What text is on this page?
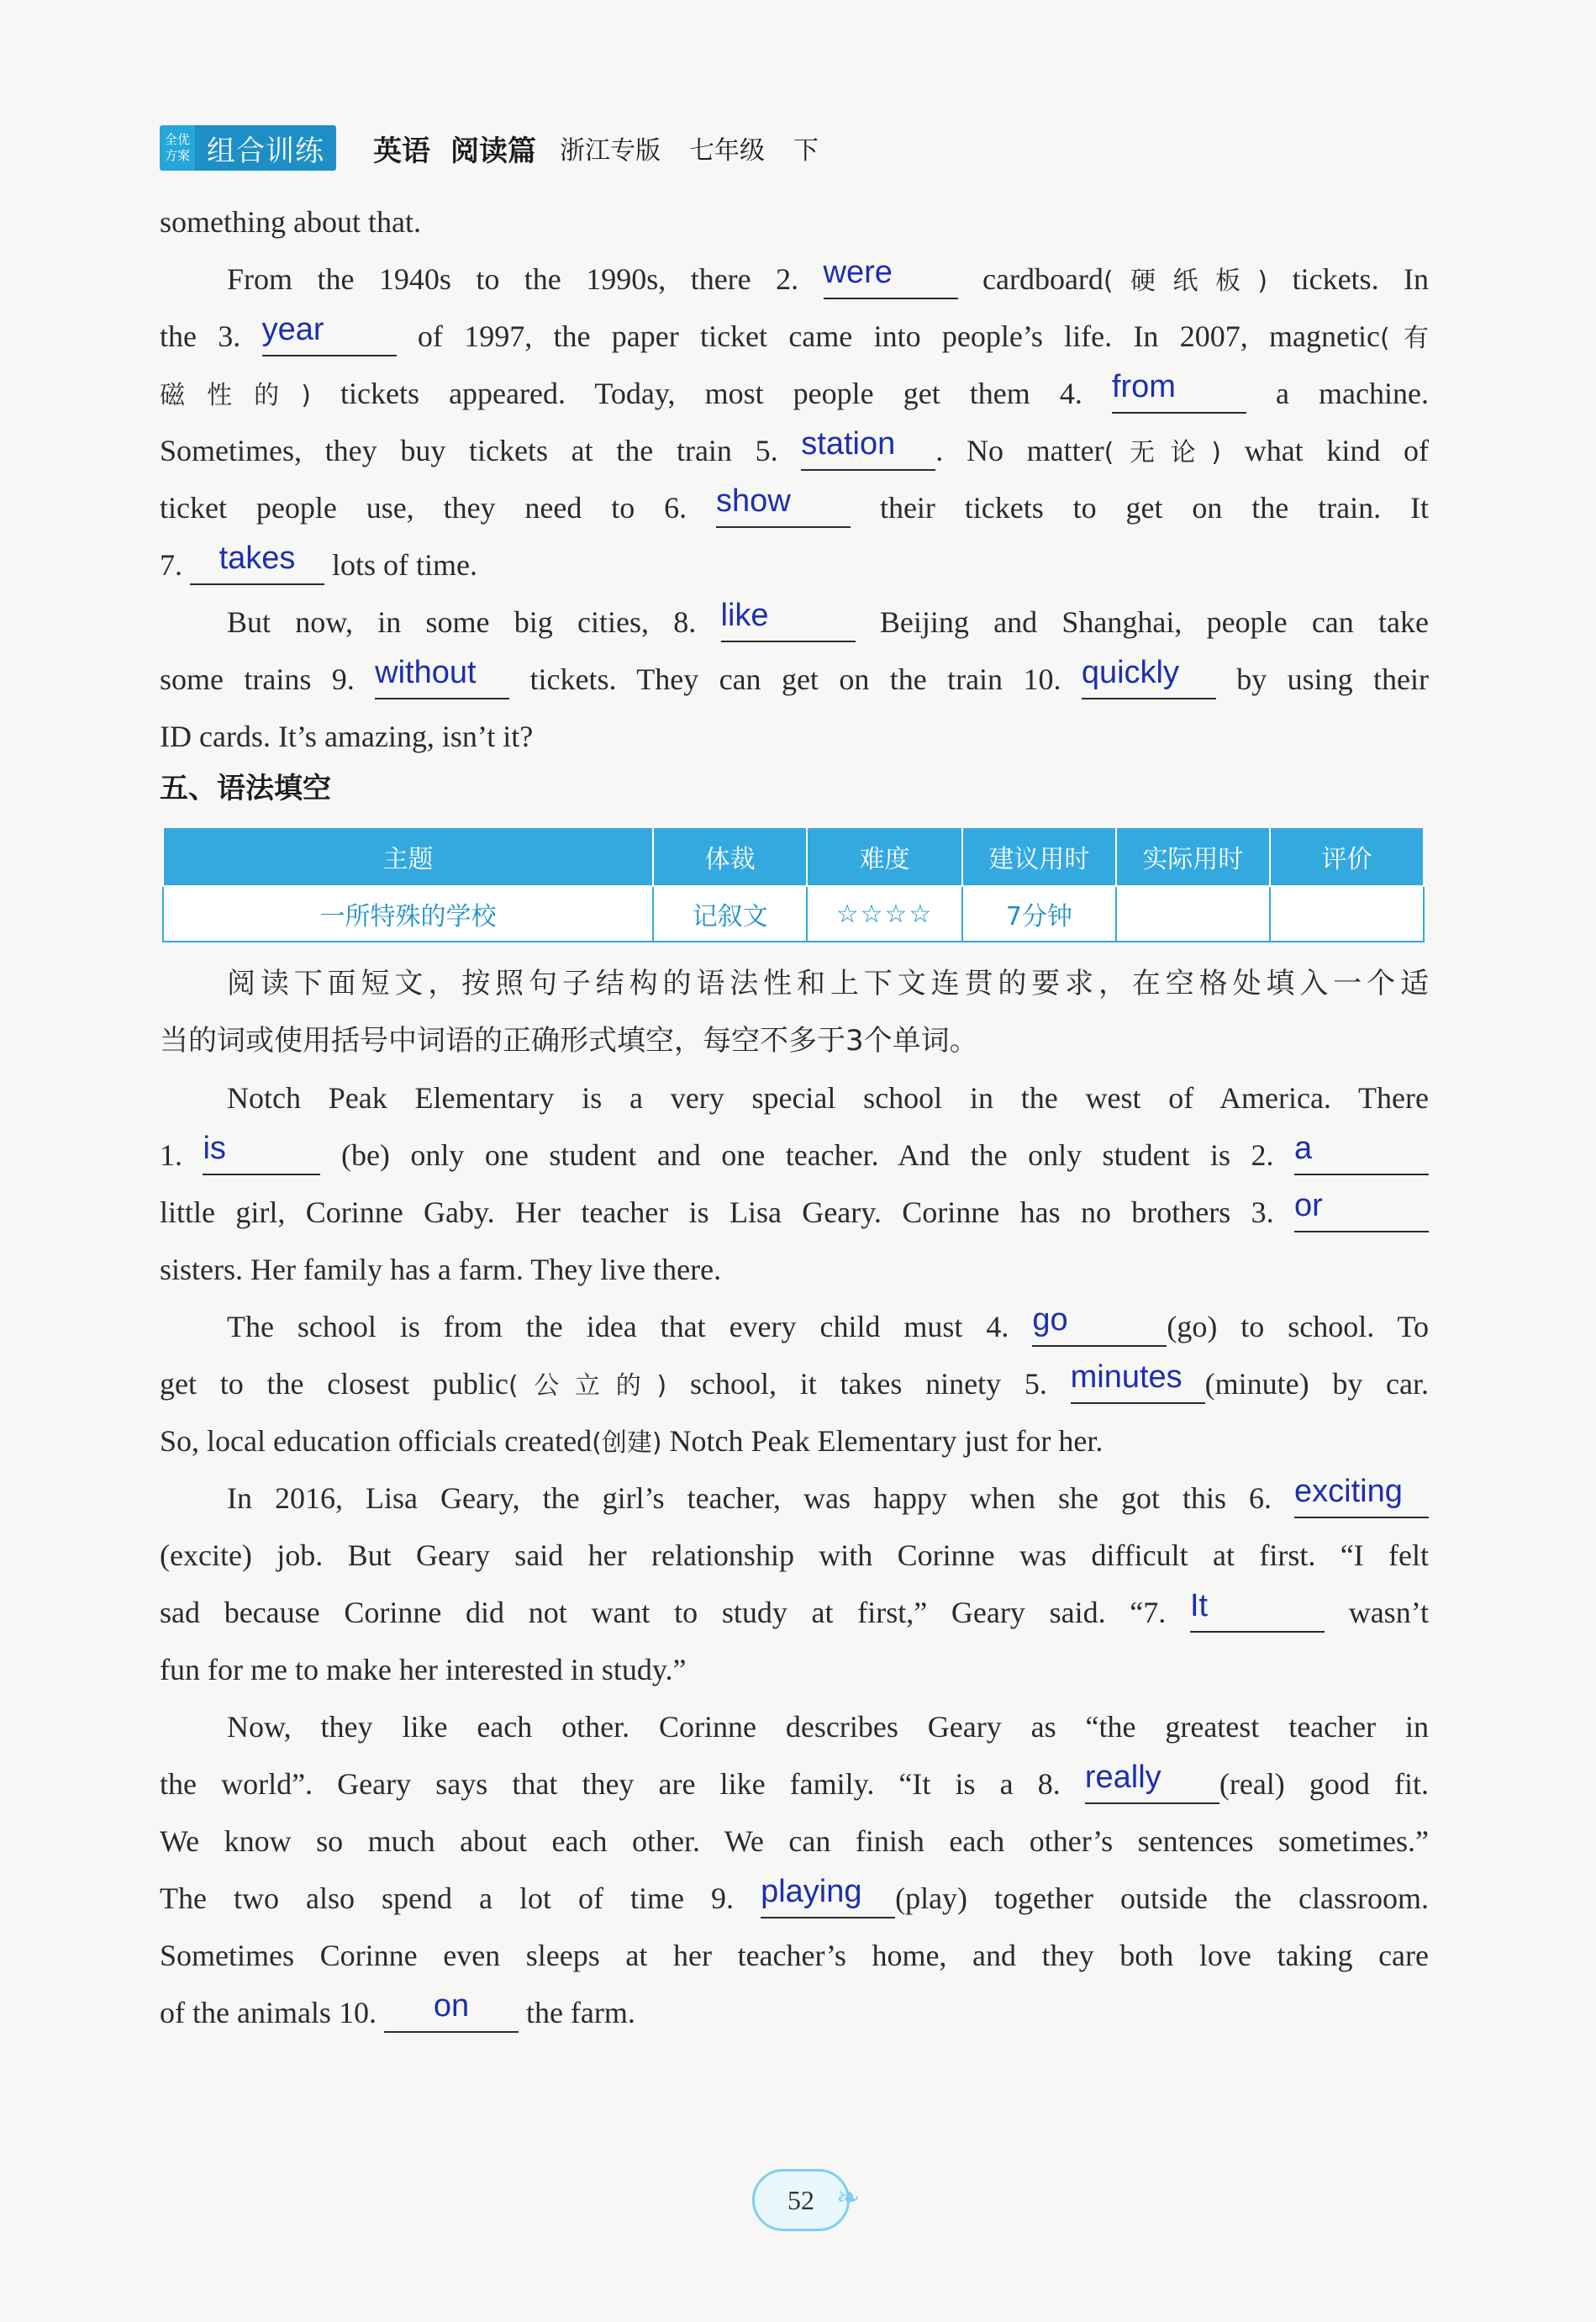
全优
方案 组合训练	英语 阅读篇 浙江专版 七年级 下
something about that.
From the 1940s to the 1990s, there 2. were	cardboard(硬纸板) tickets. In
the 3. year	of 1997, the paper ticket came into people’s life. In 2007, magnetic(有
磁性的) tickets appeared. Today, most people get them 4. from	a machine.
Sometimes, they buy tickets at the train 5. station . No matter(无论) what kind of
ticket people use, they need to 6. show	their tickets to get on the train. It
7. takes lots of time.
But now, in some big cities, 8. like	Beijing and Shanghai, people can take
some trains 9. without tickets. They can get on the train 10. quickly by using their
ID cards. It’s amazing, isn’t it?
五、语法填空
主题	体裁	难度	建议用时	实际用时	评价
一所特殊的学校	记叙文	☆☆☆☆	7分钟		
阅读下面短文，按照句子结构的语法性和上下文连贯的要求，在空格处填入一个适
当的词或使用括号中词语的正确形式填空，每空不多于3个单词。
Notch Peak Elementary is a very special school in the west of America. There
1. is	(be) only one student and one teacher. And the only student is 2. a
little girl, Corinne Gaby. Her teacher is Lisa Geary. Corinne has no brothers 3. or
sisters. Her family has a farm. They live there.
The school is from the idea that every child must 4. go	(go) to school. To
get to the closest public(公立的) school, it takes ninety 5. minutes (minute) by car.
So, local education officials created(创建) Notch Peak Elementary just for her.
In 2016, Lisa Geary, the girl’s teacher, was happy when she got this 6. exciting
(excite) job. But Geary said her relationship with Corinne was difficult at first. “I felt
sad because Corinne did not want to study at first,” Geary said. “7. It	wasn’t
fun for me to make her interested in study.”
Now, they like each other. Corinne describes Geary as “the greatest teacher in
the world”. Geary says that they are like family. “It is a 8. really (real) good fit.
We know so much about each other. We can finish each other’s sentences sometimes.”
The two also spend a lot of time 9. playing (play) together outside the classroom.
Sometimes Corinne even sleeps at her teacher’s home, and they both love taking care
of the animals 10. on the farm.
52 ❧
